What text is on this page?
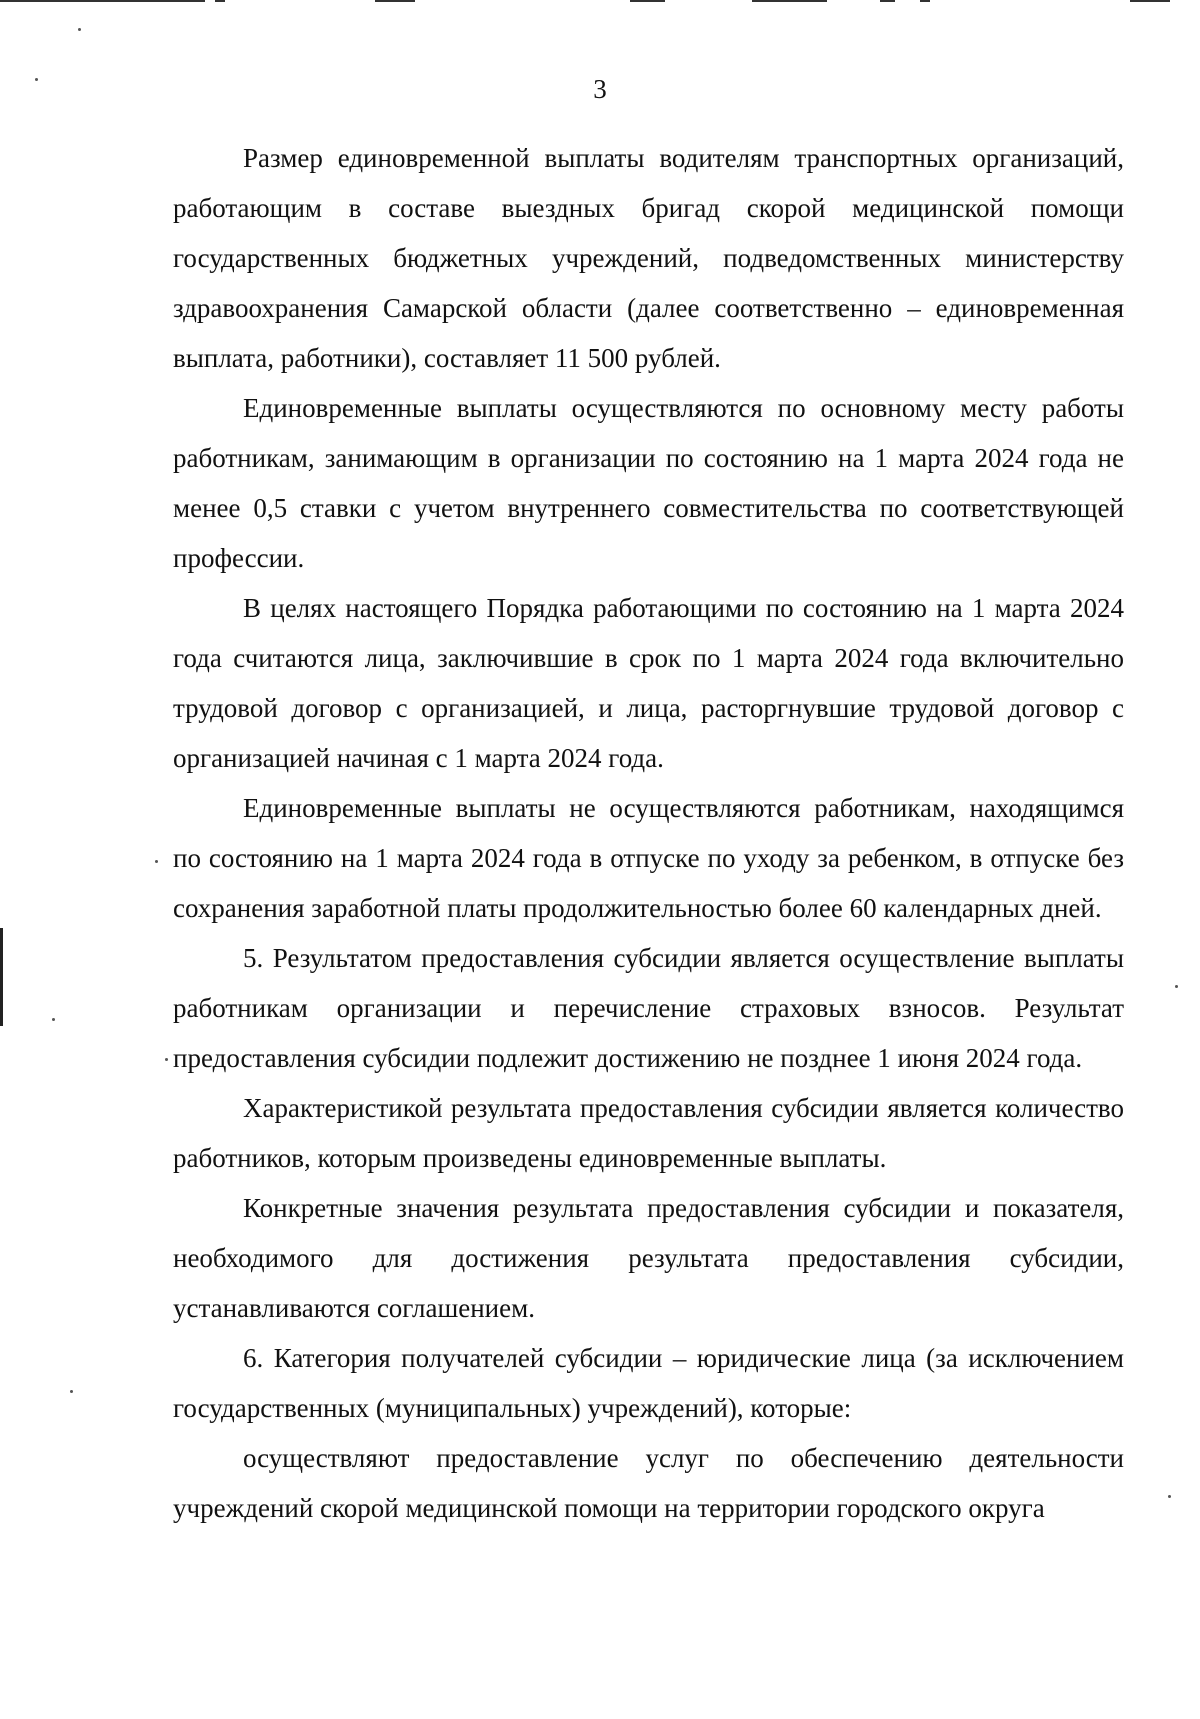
3

Размер единовременной выплаты водителям транспортных организаций, работающим в составе выездных бригад скорой медицинской помощи государственных бюджетных учреждений, подведомственных министерству здравоохранения Самарской области (далее соответственно – единовременная выплата, работники), составляет 11 500 рублей.

Единовременные выплаты осуществляются по основному месту работы работникам, занимающим в организации по состоянию на 1 марта 2024 года не менее 0,5 ставки с учетом внутреннего совместительства по соответствующей профессии.

В целях настоящего Порядка работающими по состоянию на 1 марта 2024 года считаются лица, заключившие в срок по 1 марта 2024 года включительно трудовой договор с организацией, и лица, расторгнувшие трудовой договор с организацией начиная с 1 марта 2024 года.

Единовременные выплаты не осуществляются работникам, находящимся по состоянию на 1 марта 2024 года в отпуске по уходу за ребенком, в отпуске без сохранения заработной платы продолжительностью более 60 календарных дней.

5. Результатом предоставления субсидии является осуществление выплаты работникам организации и перечисление страховых взносов. Результат предоставления субсидии подлежит достижению не позднее 1 июня 2024 года.

Характеристикой результата предоставления субсидии является количество работников, которым произведены единовременные выплаты.

Конкретные значения результата предоставления субсидии и показателя, необходимого для достижения результата предоставления субсидии, устанавливаются соглашением.

6. Категория получателей субсидии – юридические лица (за исключением государственных (муниципальных) учреждений), которые:

осуществляют предоставление услуг по обеспечению деятельности учреждений скорой медицинской помощи на территории городского округа
